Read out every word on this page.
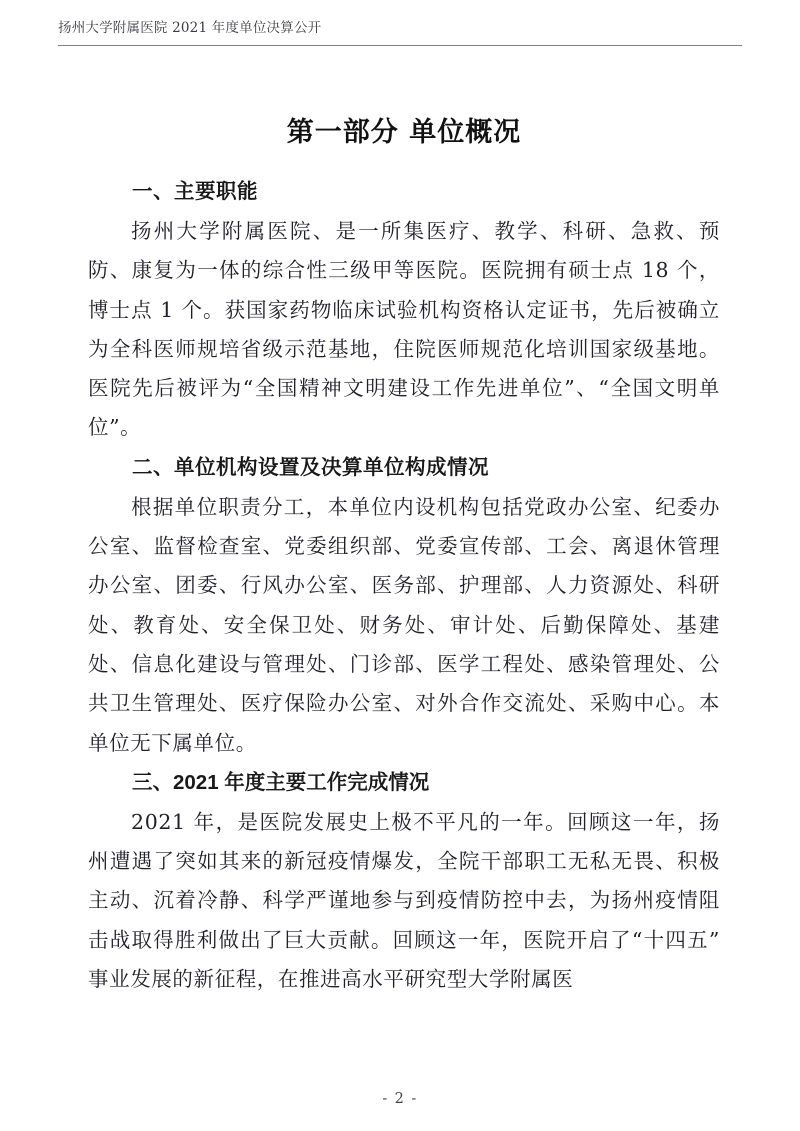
扬州大学附属医院 2021 年度单位决算公开
第一部分 单位概况
一、主要职能

扬州大学附属医院、是一所集医疗、教学、科研、急救、预防、康复为一体的综合性三级甲等医院。医院拥有硕士点 18 个，博士点 1 个。获国家药物临床试验机构资格认定证书，先后被确立为全科医师规培省级示范基地，住院医师规范化培训国家级基地。医院先后被评为“全国精神文明建设工作先进单位”、“全国文明单位”。

二、单位机构设置及决算单位构成情况

根据单位职责分工，本单位内设机构包括党政办公室、纪委办公室、监督检查室、党委组织部、党委宣传部、工会、离退休管理办公室、团委、行风办公室、医务部、护理部、人力资源处、科研处、教育处、安全保卫处、财务处、审计处、后勤保障处、基建处、信息化建设与管理处、门诊部、医学工程处、感染管理处、公共卫生管理处、医疗保险办公室、对外合作交流处、采购中心。本单位无下属单位。

三、2021 年度主要工作完成情况

2021 年，是医院发展史上极不平凡的一年。回顾这一年，扬州遭遇了突如其来的新冠疫情爆发，全院干部职工无私无畏、积极主动、沉着冷静、科学严谨地参与到疫情防控中去，为扬州疫情阻击战取得胜利做出了巨大贡献。回顾这一年，医院开启了“十四五”事业发展的新征程，在推进高水平研究型大学附属医

- 2 -
